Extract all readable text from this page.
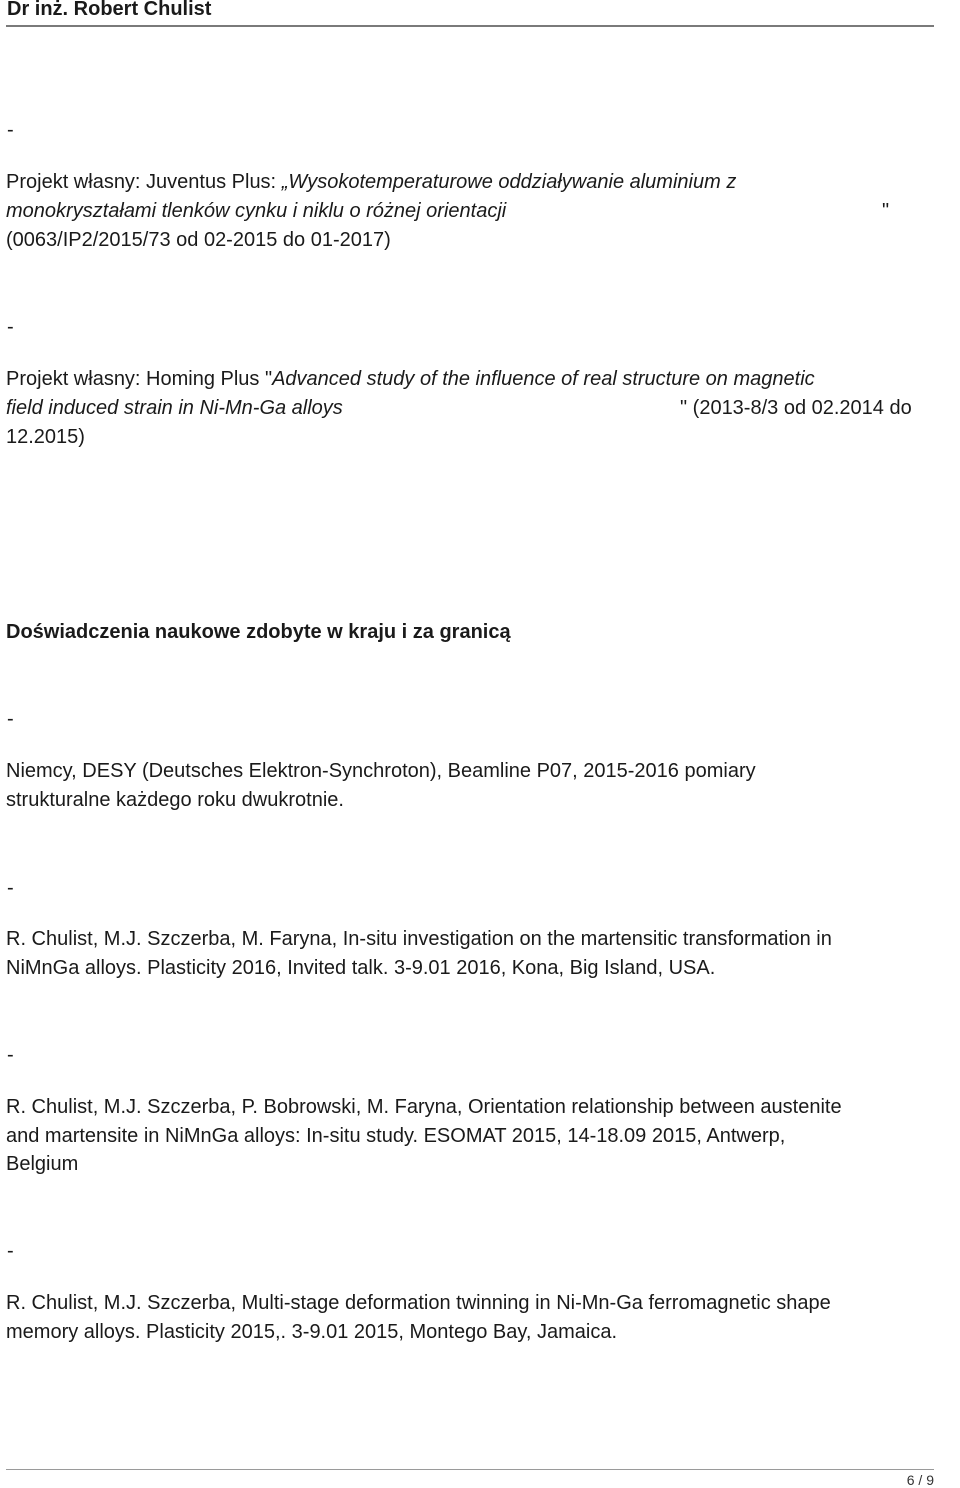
Dr inż. Robert Chulist
-
Projekt własny: Juventus Plus: „Wysokotemperaturowe oddziaływanie aluminium z
monokryształami tlenków cynku i niklu o różnej orientacji	"
(0063/IP2/2015/73 od 02-2015 do 01-2017)
-
Projekt własny: Homing Plus "Advanced study of the influence of real structure on magnetic
field induced strain in Ni-Mn-Ga alloys	" (2013-8/3 od 02.2014 do
12.2015)
Doświadczenia naukowe zdobyte w kraju i za granicą
-
Niemcy, DESY (Deutsches Elektron-Synchroton), Beamline P07, 2015-2016 pomiary
strukturalne każdego roku dwukrotnie.
-
R. Chulist, M.J. Szczerba, M. Faryna, In-situ investigation on the martensitic transformation in
NiMnGa alloys. Plasticity 2016, Invited talk. 3-9.01 2016, Kona, Big Island, USA.
-
R. Chulist, M.J. Szczerba, P. Bobrowski, M. Faryna, Orientation relationship between austenite
and martensite in NiMnGa alloys: In-situ study. ESOMAT 2015, 14-18.09 2015, Antwerp,
Belgium
-
R. Chulist, M.J. Szczerba, Multi-stage deformation twinning in Ni-Mn-Ga ferromagnetic shape
memory alloys. Plasticity 2015,. 3-9.01 2015, Montego Bay, Jamaica.
6 / 9
